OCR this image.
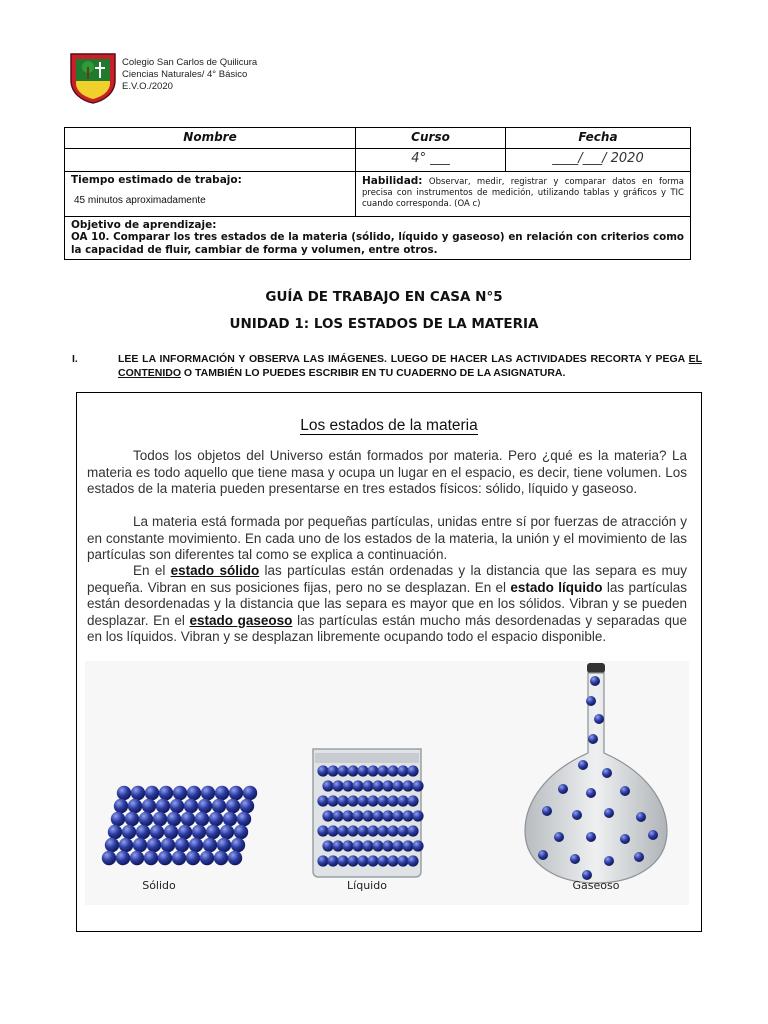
Colegio San Carlos de Quilicura
Ciencias Naturales/ 4° Básico
E.V.O./2020
Nombre	Curso	Fecha
	4° ___	____/___/ 2020

Tiempo estimado de trabajo:
45 minutos aproximadamente	Habilidad: Observar, medir, registrar y comparar datos en forma precisa con instrumentos de medición, utilizando tablas y gráficos y TIC cuando corresponda. (OA c)	

Objetivo de aprendizaje:
OA 10. Comparar los tres estados de la materia (sólido, líquido y gaseoso) en relación con criterios como la capacidad de fluir, cambiar de forma y volumen, entre otros.		
GUÍA DE TRABAJO EN CASA N°5
UNIDAD 1: LOS ESTADOS DE LA MATERIA
I.	LEE LA INFORMACIÓN Y OBSERVA LAS IMÁGENES. LUEGO DE HACER LAS ACTIVIDADES RECORTA Y PEGA EL CONTENIDO O TAMBIÉN LO PUEDES ESCRIBIR EN TU CUADERNO DE LA ASIGNATURA.
Los estados de la materia
Todos los objetos del Universo están formados por materia. Pero ¿qué es la materia? La materia es todo aquello que tiene masa y ocupa un lugar en el espacio, es decir, tiene volumen. Los estados de la materia pueden presentarse en tres estados físicos: sólido, líquido y gaseoso.
La materia está formada por pequeñas partículas, unidas entre sí por fuerzas de atracción y en constante movimiento. En cada uno de los estados de la materia, la unión y el movimiento de las partículas son diferentes tal como se explica a continuación.
En el estado sólido las partículas están ordenadas y la distancia que las separa es muy pequeña. Vibran en sus posiciones fijas, pero no se desplazan. En el estado líquido las partículas están desordenadas y la distancia que las separa es mayor que en los sólidos. Vibran y se pueden desplazar. En el estado gaseoso las partículas están mucho más desordenadas y separadas que en los líquidos. Vibran y se desplazan libremente ocupando todo el espacio disponible.
Sólido	Líquido	Gaseoso
